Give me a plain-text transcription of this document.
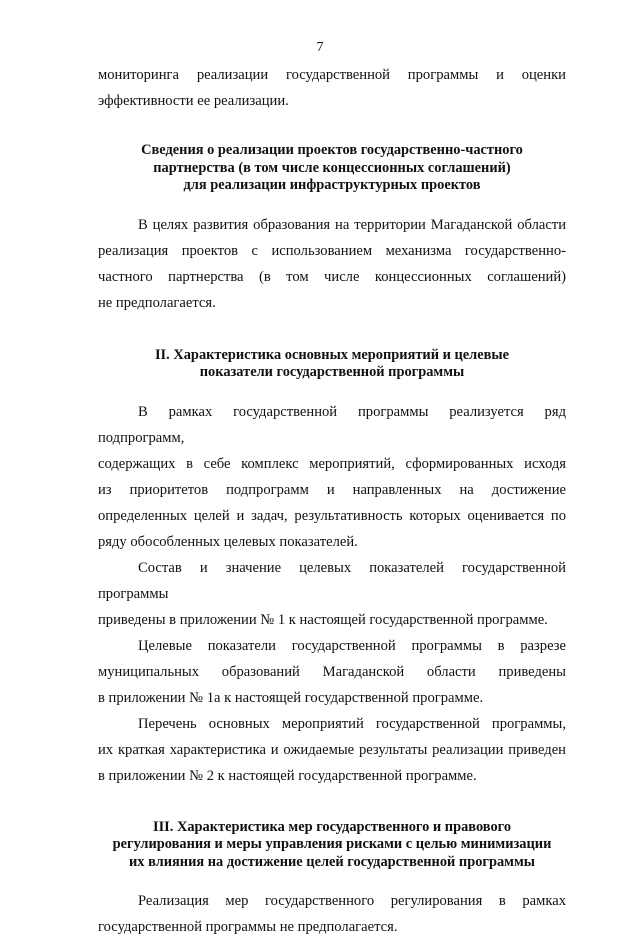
7

мониторинга реализации государственной программы и оценки

эффективности ее реализации.

Сведения о реализации проектов государственно-частного
партнерства (в том числе концессионных соглашений)
для реализации инфраструктурных проектов

В целях развития образования на территории Магаданской области

реализация проектов с использованием механизма государственно-

частного партнерства (в том числе концессионных соглашений)

не предполагается.

II. Характеристика основных мероприятий и целевые
показатели государственной программы

В рамках государственной программы реализуется ряд подпрограмм,

содержащих в себе комплекс мероприятий, сформированных исходя

из приоритетов подпрограмм и направленных на достижение

определенных целей и задач, результативность которых оценивается по

ряду обособленных целевых показателей.

Состав и значение целевых показателей государственной программы

приведены в приложении № 1 к настоящей государственной программе.

Целевые показатели государственной программы в разрезе

муниципальных образований Магаданской области приведены

в приложении № 1а к настоящей государственной программе.

Перечень основных мероприятий государственной программы,

их краткая характеристика и ожидаемые результаты реализации приведен

в приложении № 2 к настоящей государственной программе.

III. Характеристика мер государственного и правового
регулирования и меры управления рисками с целью минимизации
их влияния на достижение целей государственной программы

Реализация мер государственного регулирования в рамках

государственной программы не предполагается.
